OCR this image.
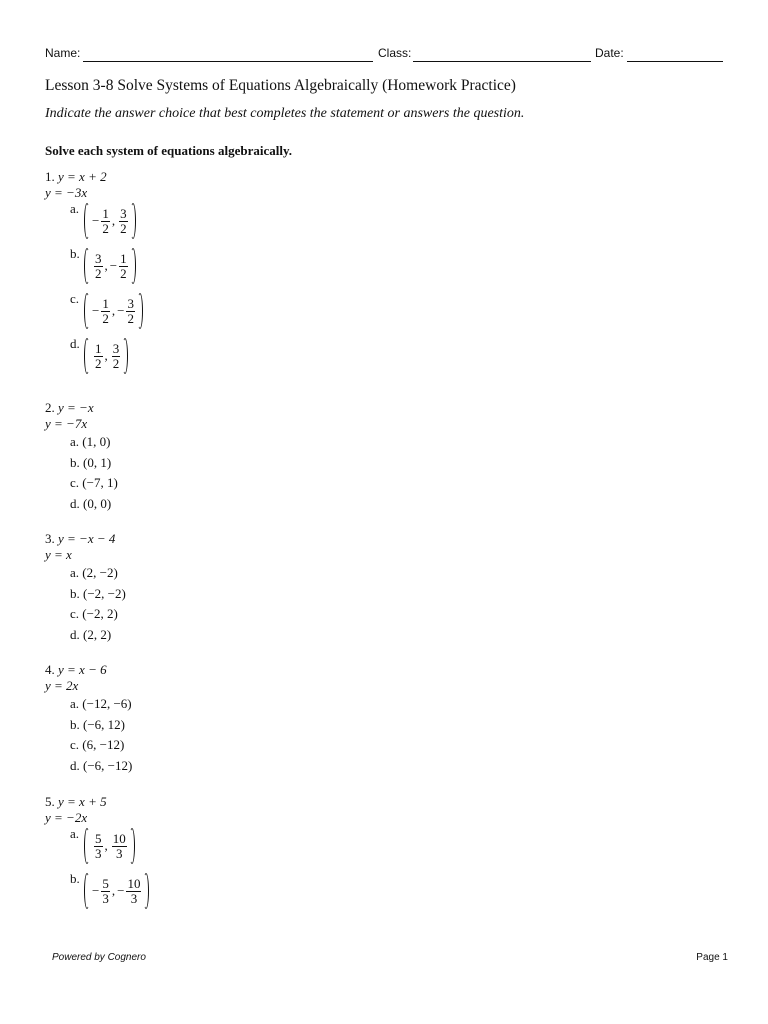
Name:	Class:	Date:
Lesson 3-8 Solve Systems of Equations Algebraically (Homework Practice)
Indicate the answer choice that best completes the statement or answers the question.
Solve each system of equations algebraically.
1. y = x + 2
y = −3x
a.
− $\frac{1}{2}$ , $\frac{3}{2}$
b. $\frac{3}{2}$ , − $\frac{1}{2}$
c.
− $\frac{1}{2}$ , − $\frac{3}{2}$
d. $\frac{1}{2}$ , $\frac{3}{2}$
2. y = −x
y = −7x
a. (1, 0)
b. (0, 1)
c. (−7, 1)
d. (0, 0)
3. y = −x − 4
y = x
a. (2, −2)
b. (−2, −2)
c. (−2, 2)
d. (2, 2)
4. y = x − 6
y = 2x
a. (−12, −6)
b. (−6, 12)
c. (6, −12)
d. (−6, −12)
5. y = x + 5
y = −2x
a. $\frac{5}{3}$ , $\frac{10}{3}$
b.
− $\frac{5}{3}$ , − $\frac{10}{3}$
Powered by Cognero	Page 1
